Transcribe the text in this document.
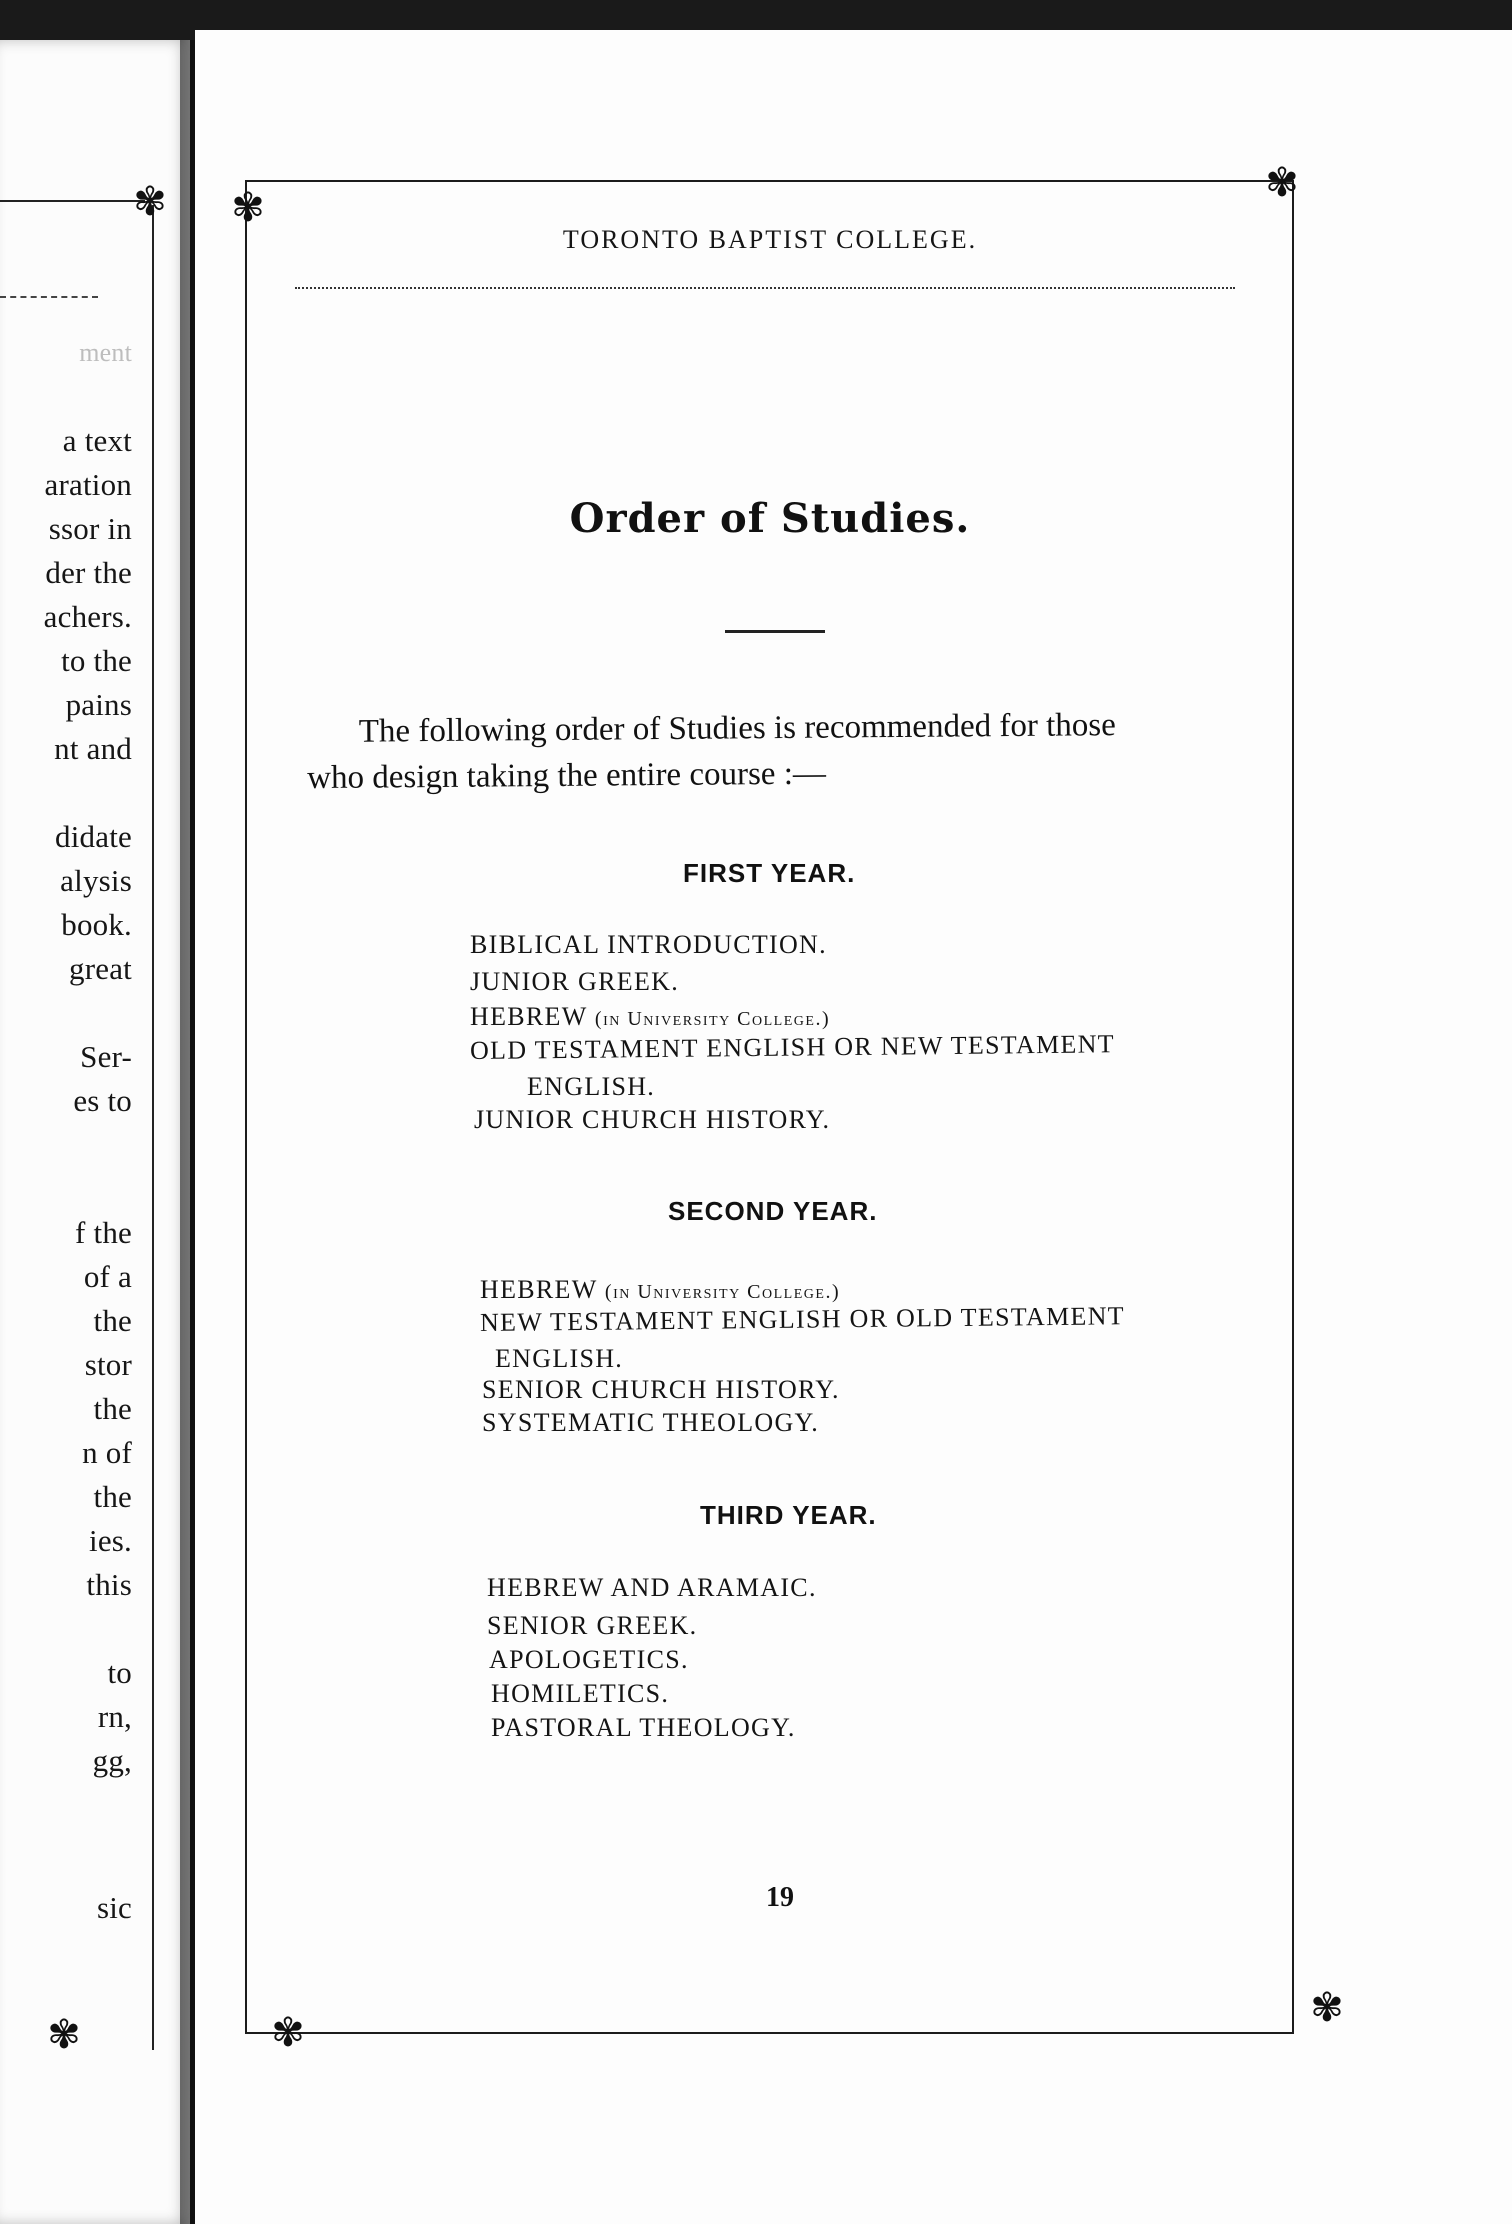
✾
✾
ment
a text
aration
ssor in
der the
achers.
to the
pains
nt and
didate
alysis
book.
great
Ser-
es to
f the
of a
the
stor
the
n of
the
ies.
this
to
rn,
gg,
sic
✾
✾
✾
✾
TORONTO BAPTIST COLLEGE.
Order of Studies.
The following order of Studies is recommended for those
who design taking the entire course :—
FIRST YEAR.
BIBLICAL INTRODUCTION.
JUNIOR GREEK.
HEBREW (in University College.)
OLD TESTAMENT ENGLISH OR NEW TESTAMENT
ENGLISH.
JUNIOR CHURCH HISTORY.
SECOND YEAR.
HEBREW (in University College.)
NEW TESTAMENT ENGLISH OR OLD TESTAMENT
ENGLISH.
SENIOR CHURCH HISTORY.
SYSTEMATIC THEOLOGY.
THIRD YEAR.
HEBREW AND ARAMAIC.
SENIOR GREEK.
APOLOGETICS.
HOMILETICS.
PASTORAL THEOLOGY.
19
